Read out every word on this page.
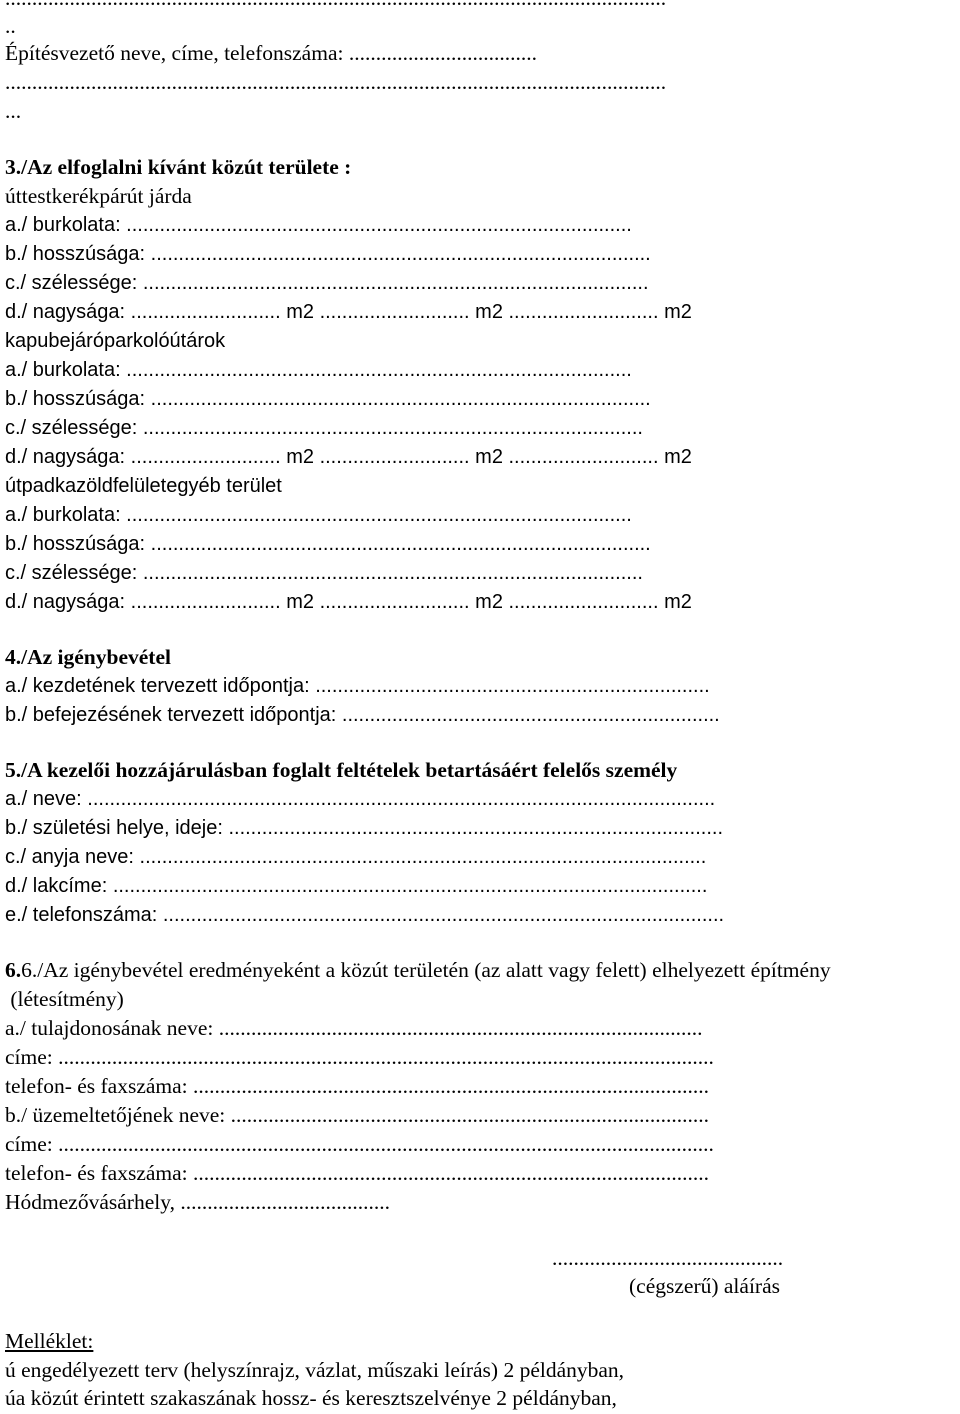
..
Építésvezető neve, címe, telefonszáma: ...................................
...........................................................................................................................
...
3./Az elfoglalni kívánt közút területe :
úttestkerékpárút járda
a./ burkolata: ...........................................................................................
b./ hosszúsága: ..........................................................................................
c./ szélessége: ...........................................................................................
d./ nagysága: ........................... m2 ........................... m2 ........................... m2
kapubejáróparkolóútárok
a./ burkolata: ...........................................................................................
b./ hosszúsága: ..........................................................................................
c./ szélessége: ..........................................................................................
d./ nagysága: ........................... m2 ........................... m2 ........................... m2
útpadkazöldfelületegyéb terület
a./ burkolata: ...........................................................................................
b./ hosszúsága: ..........................................................................................
c./ szélessége: ..........................................................................................
d./ nagysága: ........................... m2 ........................... m2 ........................... m2
4./Az igénybevétel
a./ kezdetének tervezett időpontja: .......................................................................
b./ befejezésének tervezett időpontja: ....................................................................
5./A kezelői hozzájárulásban foglalt feltételek betartásáért felelős személy
a./ neve: .................................................................................................................
b./ születési helye, ideje: .........................................................................................
c./ anyja neve: ......................................................................................................
d./ lakcíme: ...........................................................................................................
e./ telefonszáma: .....................................................................................................
6.6./Az igénybevétel eredményeként a közút területén (az alatt vagy felett) elhelyezett építmény
(létesítmény)
a./ tulajdonosának neve: ..........................................................................................
címe: ..........................................................................................................................
telefon- és faxszáma: ................................................................................................
b./ üzemeltetőjének neve: .........................................................................................
címe: ..........................................................................................................................
telefon- és faxszáma: ................................................................................................
Hódmezővásárhely, .......................................
...........................................
(cégszerű) aláírás
Melléklet:
ú engedélyezett terv (helyszínrajz, vázlat, műszaki leírás) 2 példányban,
úa közút érintett szakaszának hossz- és keresztszelvénye 2 példányban,
